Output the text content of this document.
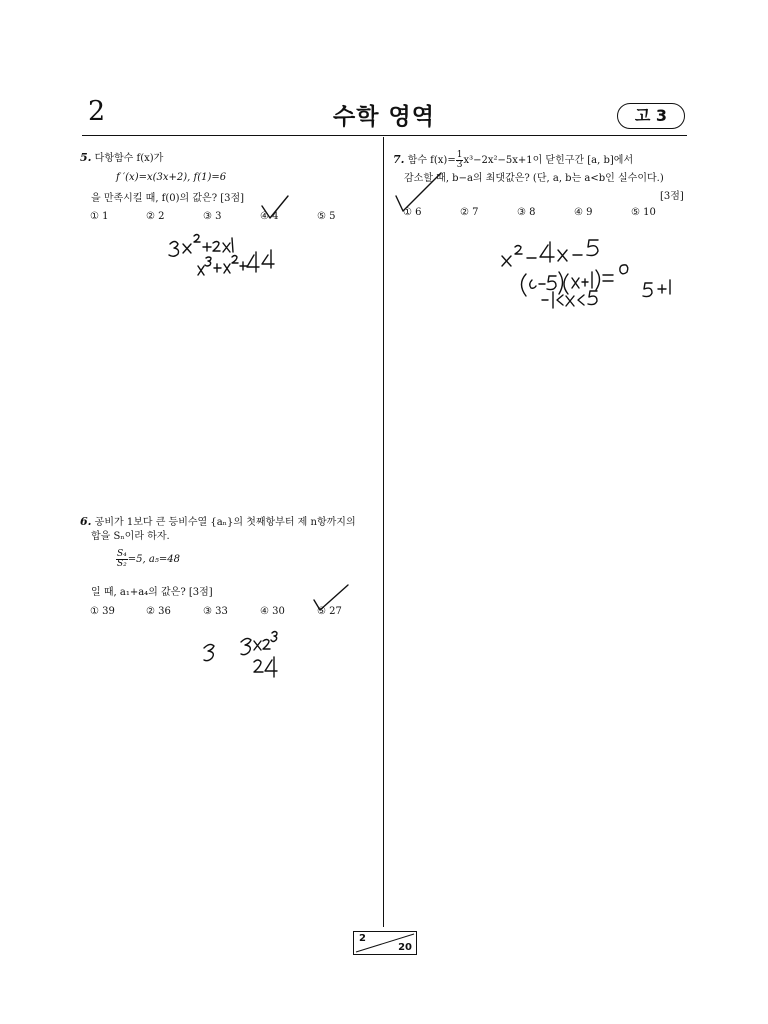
2	수학 영역	고 3
5. 다항함수 f(x)가
f ′(x)=x(3x+2), f(1)=6
을 만족시킬 때, f(0)의 값은? [3점]
① 1	② 2	③ 3	④ 4	⑤ 5
6. 공비가 1보다 큰 등비수열 {aₙ}의 첫째항부터 제 n항까지의
합을 Sₙ이라 하자.
$\frac{\text{S₄}}{\text{S₂}} =5$, a₅=48
일 때, a₁+a₄의 값은? [3점]
① 39	② 36	③ 33	④ 30	⑤ 27
7. 함수 $f(x)= \frac{1}{3} x^3-2x^2-5x+1$이 닫힌구간 [a, b]에서
감소할 때, b−a의 최댓값은? (단, a, b는 a<b인 실수이다.)
[3점]
① 6	② 7	③ 8	④ 9	⑤ 10
2
20
